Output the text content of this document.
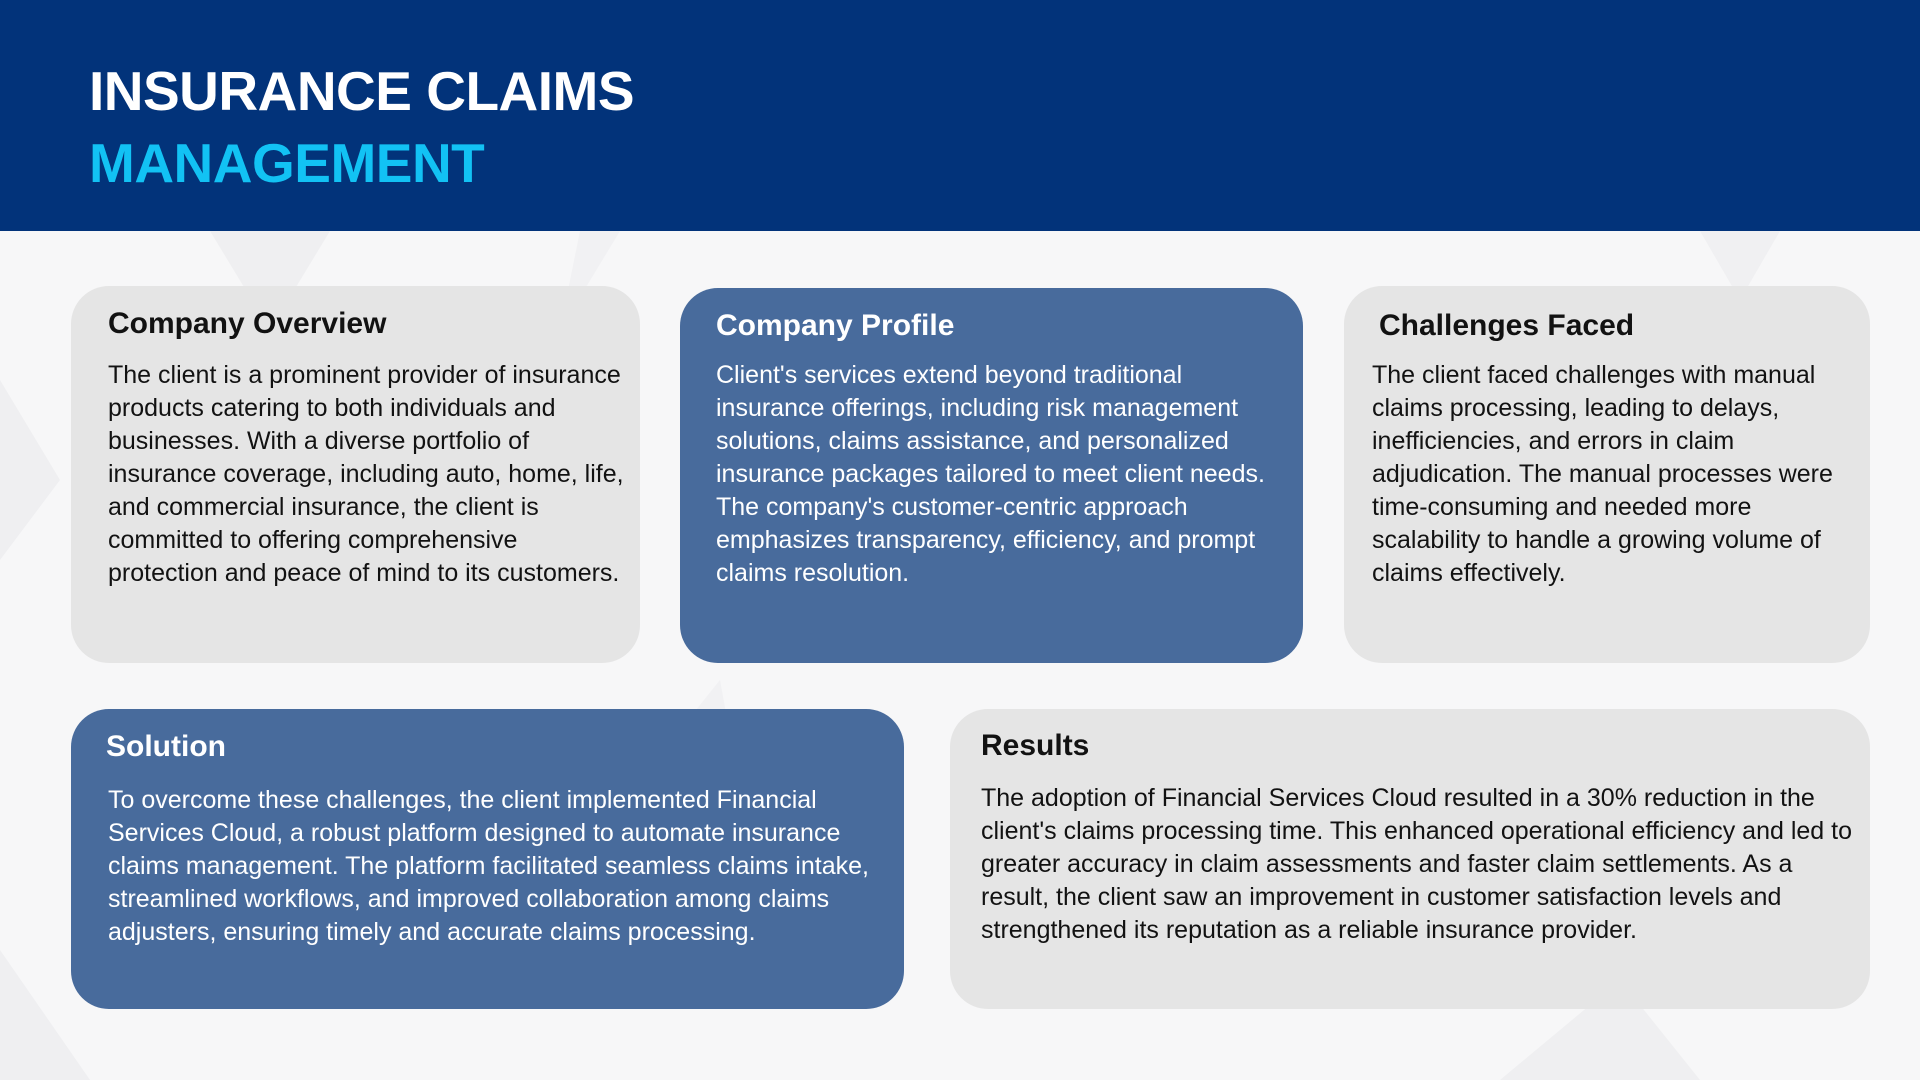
INSURANCE CLAIMS
MANAGEMENT
Company Overview

The client is a prominent provider of insurance products catering to both individuals and businesses. With a diverse portfolio of insurance coverage, including auto, home, life, and commercial insurance, the client is committed to offering comprehensive protection and peace of mind to its customers.

Company Profile

Client's services extend beyond traditional insurance offerings, including risk management solutions, claims assistance, and personalized insurance packages tailored to meet client needs. The company's customer-centric approach emphasizes transparency, efficiency, and prompt claims resolution.

Challenges Faced

The client faced challenges with manual claims processing, leading to delays, inefficiencies, and errors in claim adjudication. The manual processes were time-consuming and needed more scalability to handle a growing volume of claims effectively.

Solution

To overcome these challenges, the client implemented Financial Services Cloud, a robust platform designed to automate insurance claims management. The platform facilitated seamless claims intake, streamlined workflows, and improved collaboration among claims adjusters, ensuring timely and accurate claims processing.

Results

The adoption of Financial Services Cloud resulted in a 30% reduction in the client's claims processing time. This enhanced operational efficiency and led to greater accuracy in claim assessments and faster claim settlements. As a result, the client saw an improvement in customer satisfaction levels and strengthened its reputation as a reliable insurance provider.
